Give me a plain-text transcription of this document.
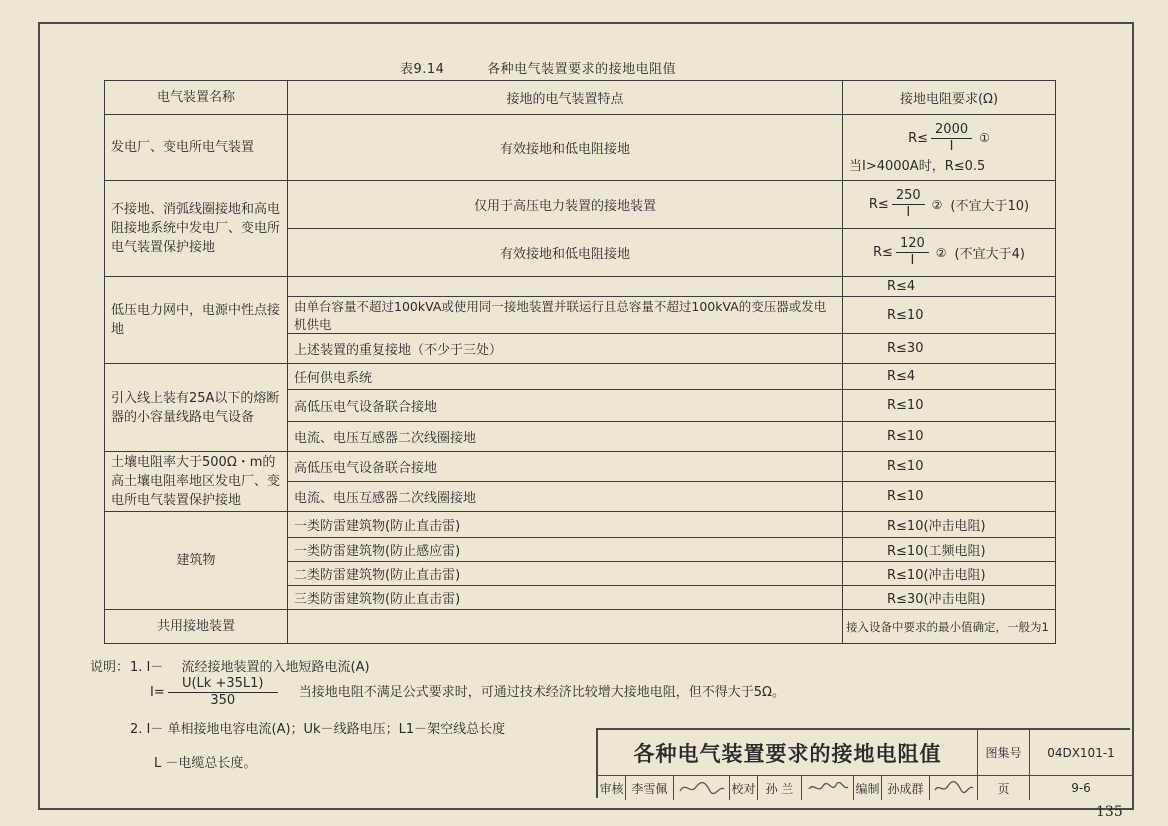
表9.14	各种电气装置要求的接地电阻值
电气装置名称	接地的电气装置特点	接地电阻要求(Ω)
发电厂、变电所电气装置	有效接地和低电阻接地	$R\le \frac{2000}{I}$ ①
当I>4000A时，R≤0.5

不接地、消弧线圈接地和高电阻接地系统中发电厂、变电所电气装置保护接地	仅用于高压电力装置的接地装置	$R\le \frac{250}{I}$ ② (不宜大于10)

	有效接地和低电阻接地	$R\le \frac{120}{I}$ ② (不宜大于4)

低压电力网中，电源中性点接地		R≤4
	由单台容量不超过100kVA或使用同一接地装置并联运行且总容量不超过100kVA的变压器或发电机供电	R≤10
	上述装置的重复接地（不少于三处）	R≤30
引入线上装有25A以下的熔断器的小容量线路电气设备	任何供电系统	R≤4
	高低压电气设备联合接地	R≤10
	电流、电压互感器二次线圈接地	R≤10
土壤电阻率大于500Ω・m的高土壤电阻率地区发电厂、变电所电气装置保护接地	高低压电气设备联合接地	R≤10
	电流、电压互感器二次线圈接地	R≤10
建筑物	一类防雷建筑物(防止直击雷)	R≤10(冲击电阻)
	一类防雷建筑物(防止感应雷)	R≤10(工频电阻)
	二类防雷建筑物(防止直击雷)	R≤10(冲击电阻)
	三类防雷建筑物(防止直击雷)	R≤30(冲击电阻)
共用接地装置		接入设备中要求的最小值确定，一般为1
说明： 1. I－ 流经接地装置的入地短路电流(A)
$I= \frac{U(Lk +35L1)}{350}$ 当接地电阻不满足公式要求时，可通过技术经济比较增大接地电阻，但不得大于5Ω。
2. I－ 单相接地电容电流(A)；Uk－线路电压；L1－架空线总长度
L －电缆总长度。	各种电气装置要求的接地电阻值	图集号	04DX101-1
审核 李雪佩	校对 孙 兰	编制 孙成群	页	9-6
135
